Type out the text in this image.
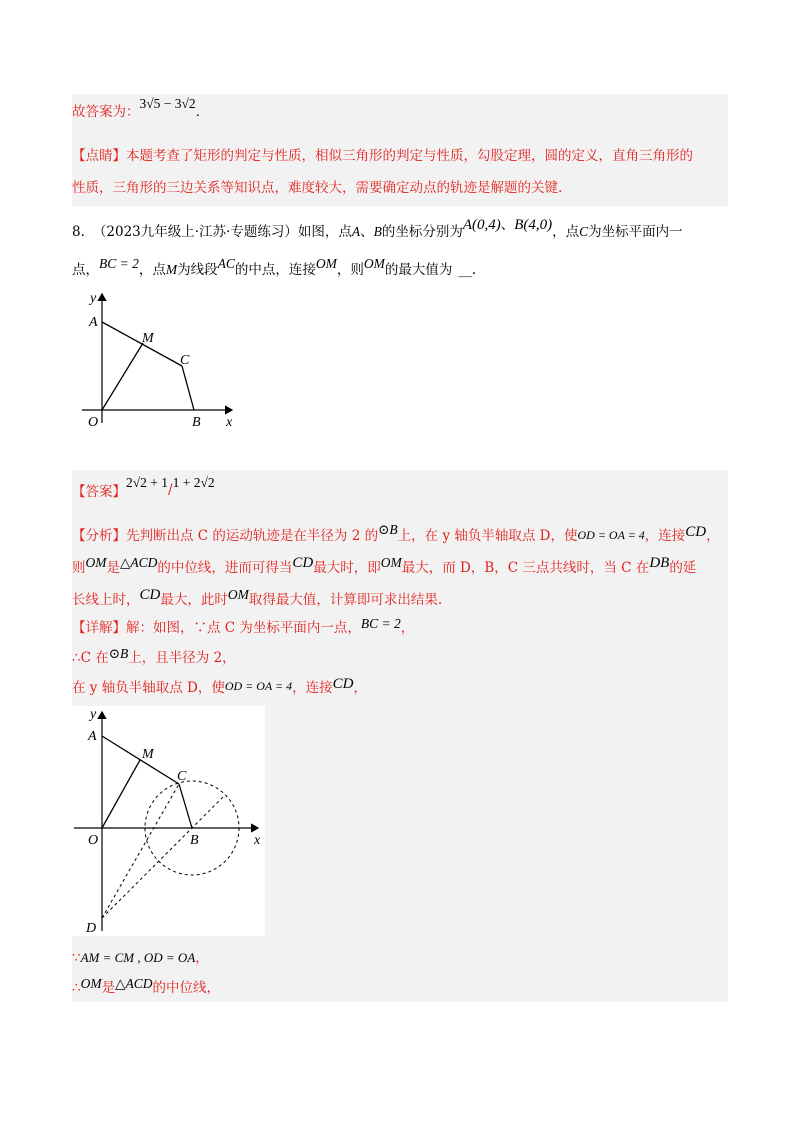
故答案为：3√5 − 3√2．
【点睛】本题考查了矩形的判定与性质，相似三角形的判定与性质，勾股定理，圆的定义，直角三角形的
性质，三角形的三边关系等知识点，难度较大，需要确定动点的轨迹是解题的关键.
8. （2023九年级上·江苏·专题练习）如图，点A、B的坐标分别为A(0,4)、B(4,0)，点C为坐标平面内一
点，BC = 2，点M为线段AC的中点，连接OM，则OM的最大值为 __.
y
A
M
C
O	B x
【答案】2√2 + 1/1 + 2√2
【分析】先判断出点 C 的运动轨迹是在半径为 2 的⊙B上，在 y 轴负半轴取点 D，使OD = OA = 4，连接CD，
则OM是△ACD的中位线，进而可得当CD最大时，即OM最大，而 D，B，C 三点共线时，当 C 在DB的延
长线上时，CD最大，此时OM取得最大值，计算即可求出结果.
【详解】解：如图，∵点 C 为坐标平面内一点，BC = 2，
∴C 在⊙B上，且半径为 2，
在 y 轴负半轴取点 D，使OD = OA = 4，连接CD，
y
A
M
C
O	B	x
D
∵AM = CM , OD = OA，
∴OM是△ACD的中位线，
